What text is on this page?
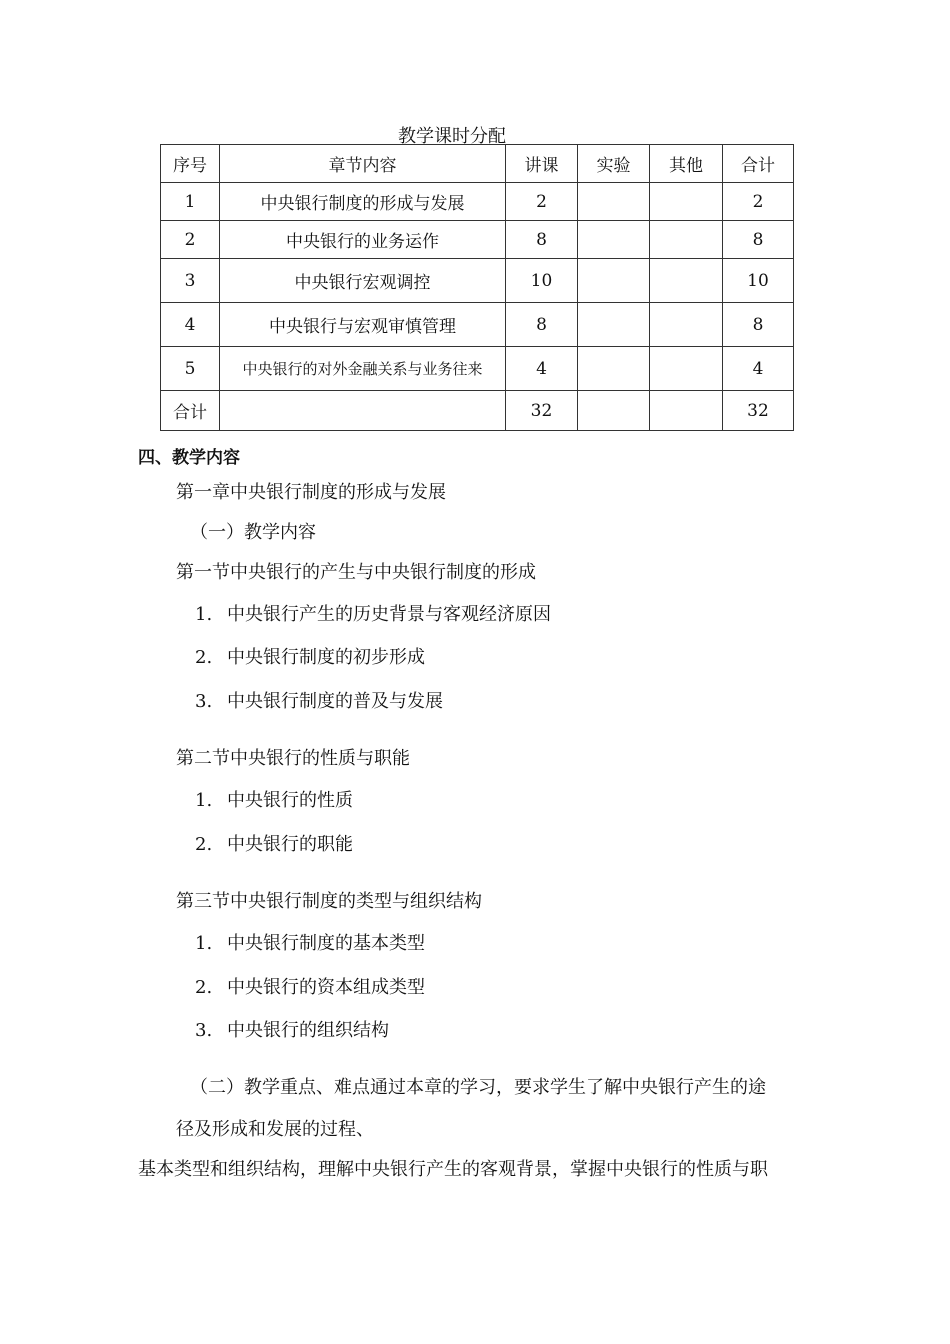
教学课时分配
序号	章节内容	讲课	实验	其他	合计
1	中央银行制度的形成与发展	2			2
2	中央银行的业务运作	8			8
3	中央银行宏观调控	10			10
4	中央银行与宏观审慎管理	8			8
5	中央银行的对外金融关系与业务往来	4			4
合计		32			32
四、教学内容
第一章中央银行制度的形成与发展
（一）教学内容
第一节中央银行的产生与中央银行制度的形成
1. 中央银行产生的历史背景与客观经济原因
2. 中央银行制度的初步形成
3. 中央银行制度的普及与发展
第二节中央银行的性质与职能
1. 中央银行的性质
2. 中央银行的职能
第三节中央银行制度的类型与组织结构
1. 中央银行制度的基本类型
2. 中央银行的资本组成类型
3. 中央银行的组织结构
（二）教学重点、难点通过本章的学习，要求学生了解中央银行产生的途
径及形成和发展的过程、
基本类型和组织结构，理解中央银行产生的客观背景，掌握中央银行的性质与职
